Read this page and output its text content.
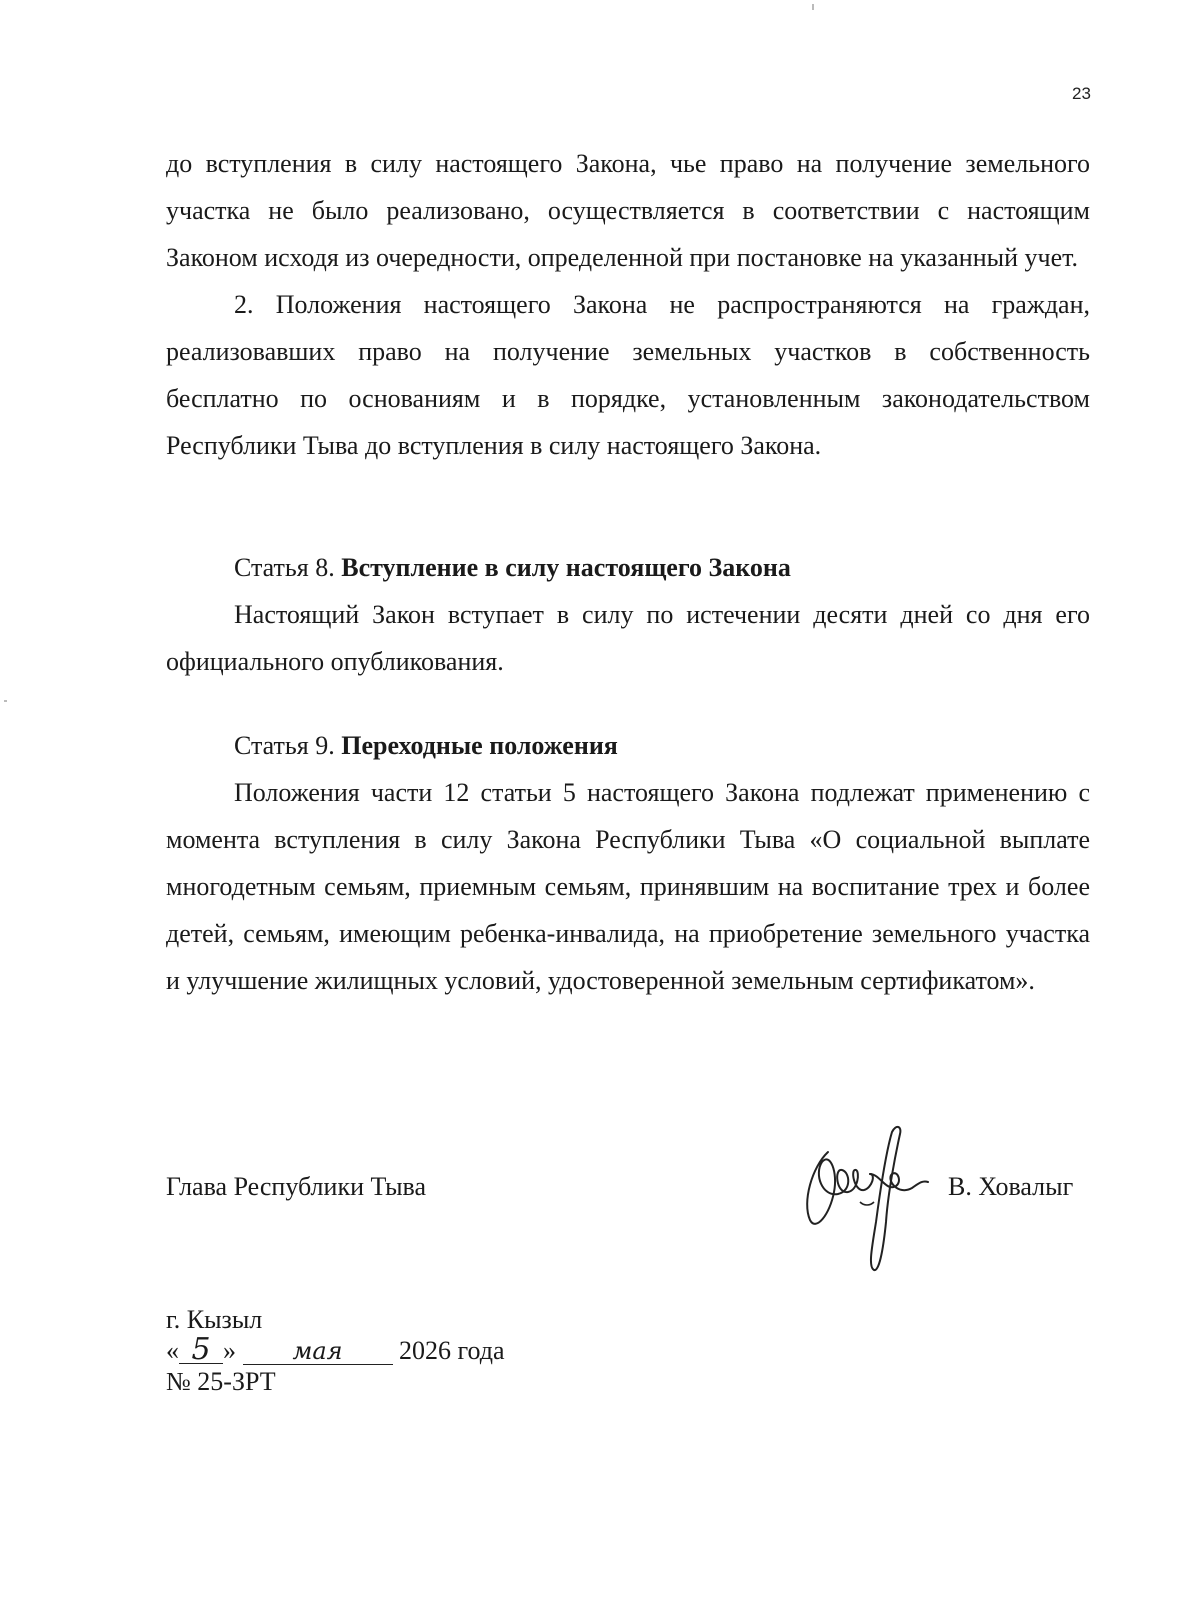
23

до вступления в силу настоящего Закона, чье право на получение земельного участка не было реализовано, осуществляется в соответствии с настоящим Законом исходя из очередности, определенной при постановке на указанный учет.

2. Положения настоящего Закона не распространяются на граждан, реализовавших право на получение земельных участков в собственность бесплатно по основаниям и в порядке, установленным законодательством Республики Тыва до вступления в силу настоящего Закона.

Статья 8. Вступление в силу настоящего Закона

Настоящий Закон вступает в силу по истечении десяти дней со дня его официального опубликования.

Статья 9. Переходные положения

Положения части 12 статьи 5 настоящего Закона подлежат применению с момента вступления в силу Закона Республики Тыва «О социальной выплате многодетным семьям, приемным семьям, принявшим на воспитание трех и более детей, семьям, имеющим ребенка-инвалида, на приобретение земельного участка и улучшение жилищных условий, удостоверенной земельным сертификатом».

Глава Республики Тыва	В. Ховалыг
г. Кызыл
« 5 » мая 2026 года
№ 25-ЗРТ
